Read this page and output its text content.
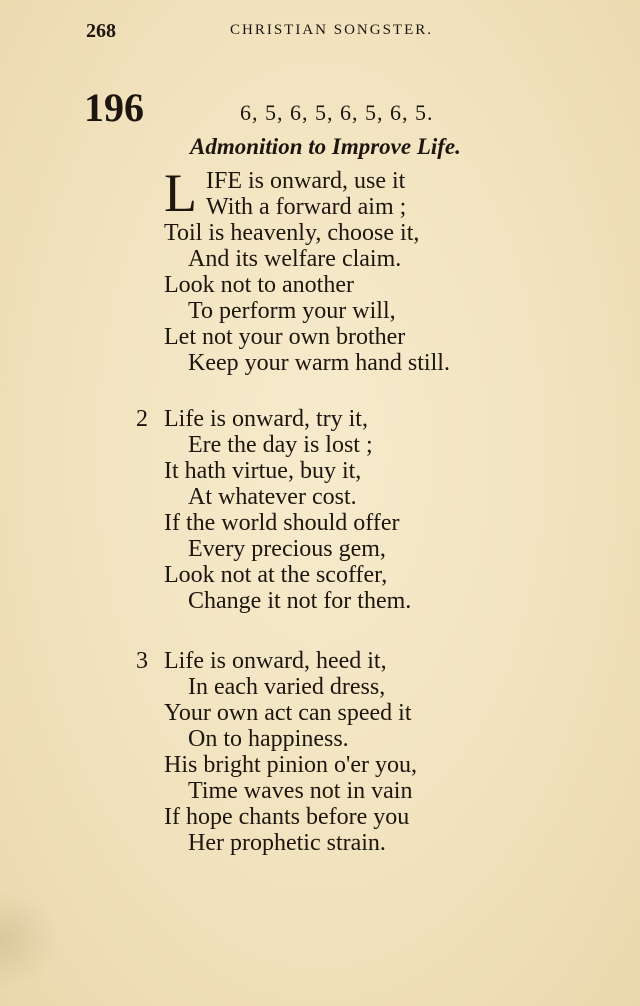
268	CHRISTIAN SONGSTER.
196	6, 5, 6, 5, 6, 5, 6, 5.
Admonition to Improve Life.
L IFE is onward, use it
With a forward aim ;
Toil is heavenly, choose it,
And its welfare claim.
Look not to another
To perform your will,
Let not your own brother
Keep your warm hand still.
2 Life is onward, try it,
Ere the day is lost ;
It hath virtue, buy it,
At whatever cost.
If the world should offer
Every precious gem,
Look not at the scoffer,
Change it not for them.
3 Life is onward, heed it,
In each varied dress,
Your own act can speed it
On to happiness.
His bright pinion o'er you,
Time waves not in vain
If hope chants before you
Her prophetic strain.
